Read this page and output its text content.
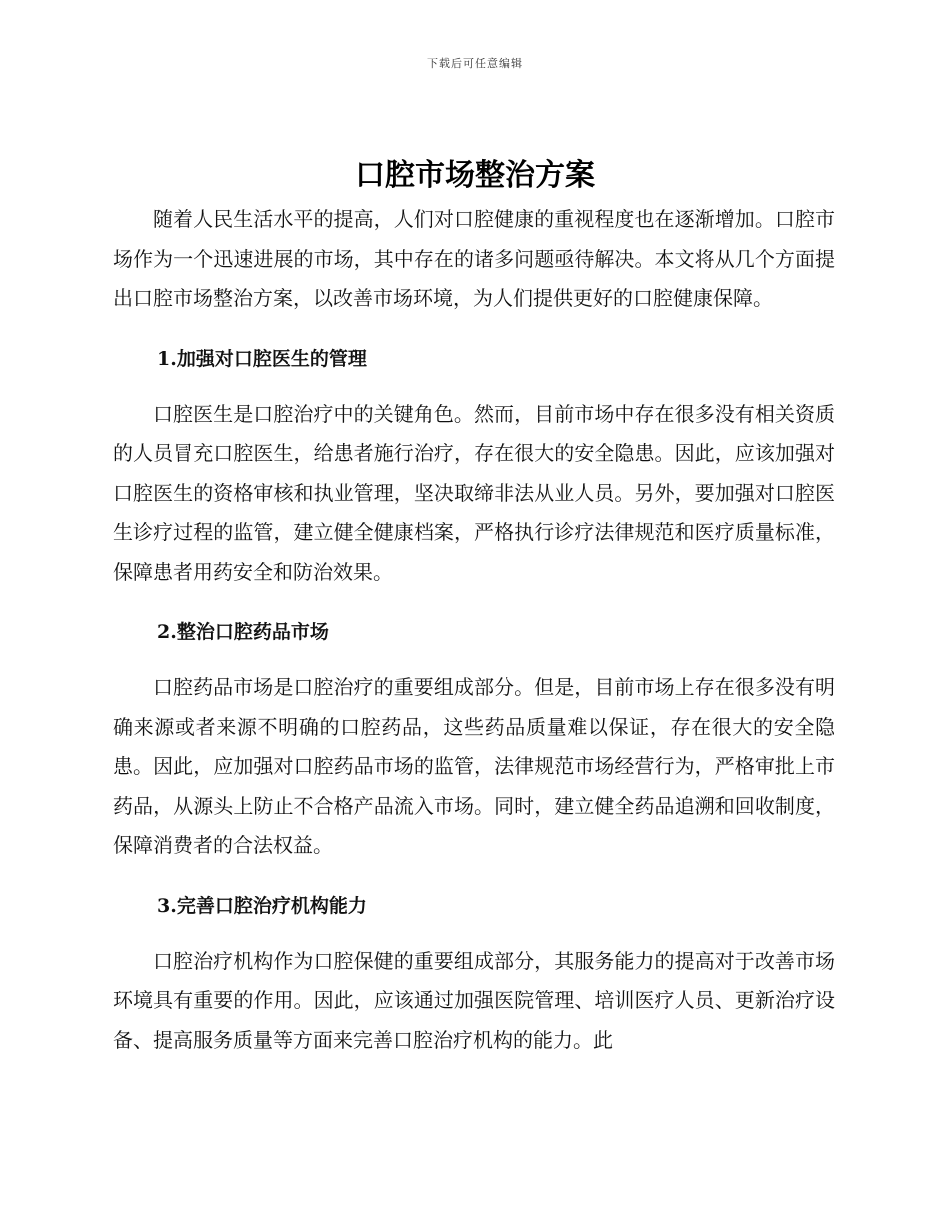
下载后可任意编辑
口腔市场整治方案

随着人民生活水平的提高，人们对口腔健康的重视程度也在逐渐增加。口腔市场作为一个迅速进展的市场，其中存在的诸多问题亟待解决。本文将从几个方面提出口腔市场整治方案，以改善市场环境，为人们提供更好的口腔健康保障。

1.加强对口腔医生的管理

口腔医生是口腔治疗中的关键角色。然而，目前市场中存在很多没有相关资质的人员冒充口腔医生，给患者施行治疗，存在很大的安全隐患。因此，应该加强对口腔医生的资格审核和执业管理，坚决取缔非法从业人员。另外，要加强对口腔医生诊疗过程的监管，建立健全健康档案，严格执行诊疗法律规范和医疗质量标准，保障患者用药安全和防治效果。

2.整治口腔药品市场

口腔药品市场是口腔治疗的重要组成部分。但是，目前市场上存在很多没有明确来源或者来源不明确的口腔药品，这些药品质量难以保证，存在很大的安全隐患。因此，应加强对口腔药品市场的监管，法律规范市场经营行为，严格审批上市药品，从源头上防止不合格产品流入市场。同时，建立健全药品追溯和回收制度，保障消费者的合法权益。

3.完善口腔治疗机构能力

口腔治疗机构作为口腔保健的重要组成部分，其服务能力的提高对于改善市场环境具有重要的作用。因此，应该通过加强医院管理、培训医疗人员、更新治疗设备、提高服务质量等方面来完善口腔治疗机构的能力。此
